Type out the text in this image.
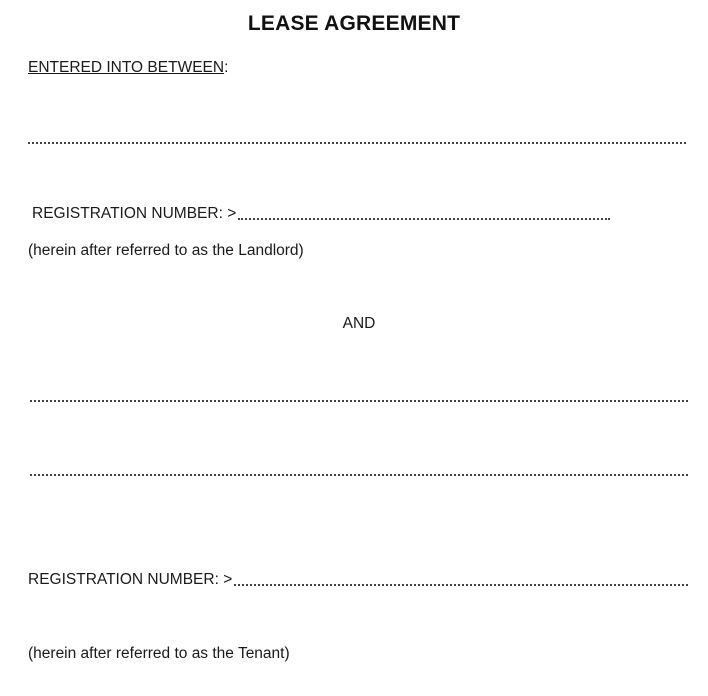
LEASE AGREEMENT
ENTERED INTO BETWEEN:
REGISTRATION NUMBER: >
(herein after referred to as the Landlord)
AND
REGISTRATION NUMBER: >
(herein after referred to as the Tenant)
